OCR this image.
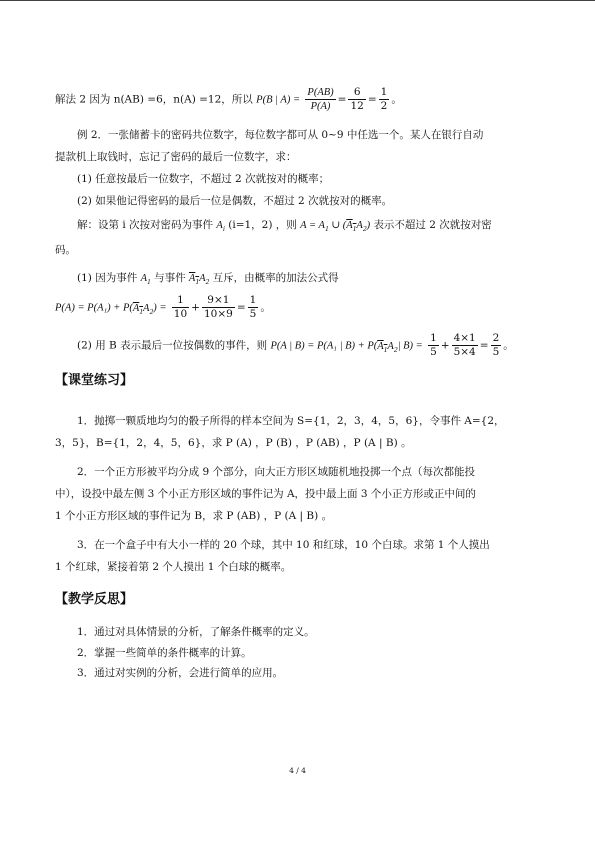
解法 2 因为 n(AB) =6，n(A) =12，所以 P(B | $A) = \frac{P(AB)}{P(A)} = \frac{6}{12} = \frac{1}{2}$ 。
例 2．一张储蓄卡的密码共位数字，每位数字都可从 0~9 中任选一个。某人在银行自动
提款机上取钱时，忘记了密码的最后一位数字，求：
(1) 任意按最后一位数字，不超过 2 次就按对的概率；
(2) 如果他记得密码的最后一位是偶数，不超过 2 次就按对的概率。
解：设第 i 次按对密码为事件 $A_i$ (i=1，2) ，则 $A = A_1$ ∪ $(A_1A_2)$ 表示不超过 2 次就按对密
码。
(1) 因为事件 $A_1$ 与事件 $A_1A_2$ 互斥，由概率的加法公式得
$P(A) = P(A_1) + P(A_1A_2) = \frac{1}{10} + \frac{9\times 1}{10\times 9} = \frac{1}{5}$ 。
(2) 用 B 表示最后一位按偶数的事件，则 P(A | B) = P(A₁ | $B) + P(A_1A_2|$ $B) = \frac{1}{5} + \frac{4\times 1}{5\times 4} = \frac{2}{5}$ 。
【课堂练习】
1．抛掷一颗质地均匀的骰子所得的样本空间为 S={1，2，3，4，5，6}，令事件 A={2，
3，5}，B={1，2，4，5，6}，求 P (A) ，P (B) ，P (AB) ，P (A | B) 。
2．一个正方形被平均分成 9 个部分，向大正方形区域随机地投掷一个点（每次都能投
中），设投中最左侧 3 个小正方形区域的事件记为 A，投中最上面 3 个小正方形或正中间的
1 个小正方形区域的事件记为 B，求 P (AB) ，P (A | B) 。
3．在一个盒子中有大小一样的 20 个球，其中 10 和红球，10 个白球。求第 1 个人摸出
1 个红球，紧接着第 2 个人摸出 1 个白球的概率。
【教学反思】
1．通过对具体情景的分析，了解条件概率的定义。
2．掌握一些简单的条件概率的计算。
3．通过对实例的分析，会进行简单的应用。
4 / 4
